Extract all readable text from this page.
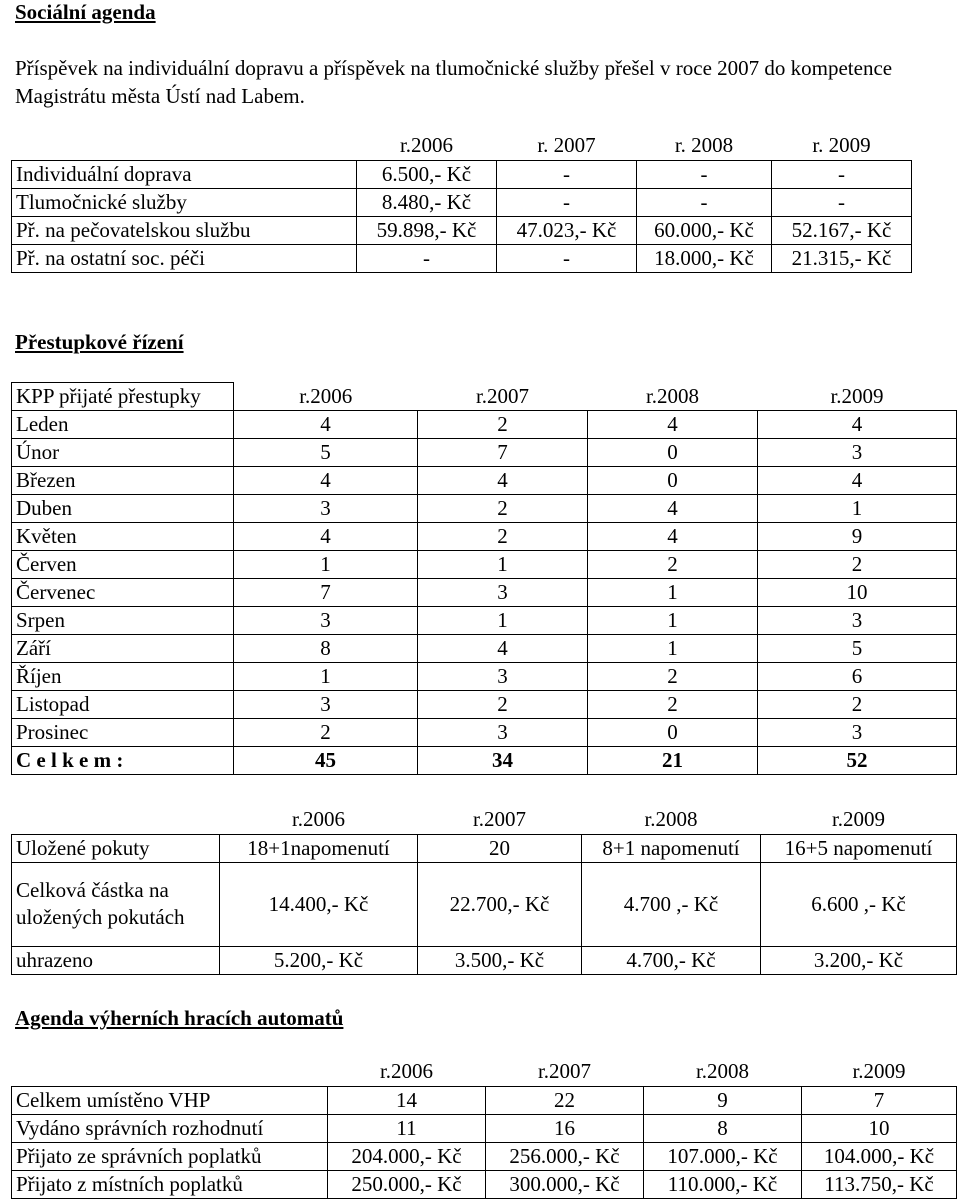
Sociální agenda
Příspěvek na individuální dopravu a příspěvek na tlumočnické služby přešel v roce 2007 do kompetence Magistrátu města Ústí nad Labem.
	r.2006	r. 2007	r. 2008	r. 2009
Individuální doprava	6.500,- Kč	-	-	-
Tlumočnické služby	8.480,- Kč	-	-	-
Př. na pečovatelskou službu	59.898,- Kč	47.023,- Kč	60.000,- Kč	52.167,- Kč
Př. na ostatní soc. péči	-	-	18.000,- Kč	21.315,- Kč
Přestupkové řízení
KPP přijaté přestupky	r.2006	r.2007	r.2008	r.2009
Leden	4	2	4	4
Únor	5	7	0	3
Březen	4	4	0	4
Duben	3	2	4	1
Květen	4	2	4	9
Červen	1	1	2	2
Červenec	7	3	1	10
Srpen	3	1	1	3
Září	8	4	1	5
Říjen	1	3	2	6
Listopad	3	2	2	2
Prosinec	2	3	0	3
C e l k e m :	45	34	21	52
	r.2006	r.2007	r.2008	r.2009
Uložené pokuty	18+1napomenutí	20	8+1 napomenutí	16+5 napomenutí
Celková částka na uložených pokutách	14.400,- Kč	22.700,- Kč	4.700 ,- Kč	6.600 ,- Kč
uhrazeno	5.200,- Kč	3.500,- Kč	4.700,- Kč	3.200,- Kč
Agenda výherních hracích automatů
	r.2006	r.2007	r.2008	r.2009
Celkem umístěno VHP	14	22	9	7
Vydáno správních rozhodnutí	11	16	8	10
Přijato ze správních poplatků	204.000,- Kč	256.000,- Kč	107.000,- Kč	104.000,- Kč
Přijato z místních poplatků	250.000,- Kč	300.000,- Kč	110.000,- Kč	113.750,- Kč
